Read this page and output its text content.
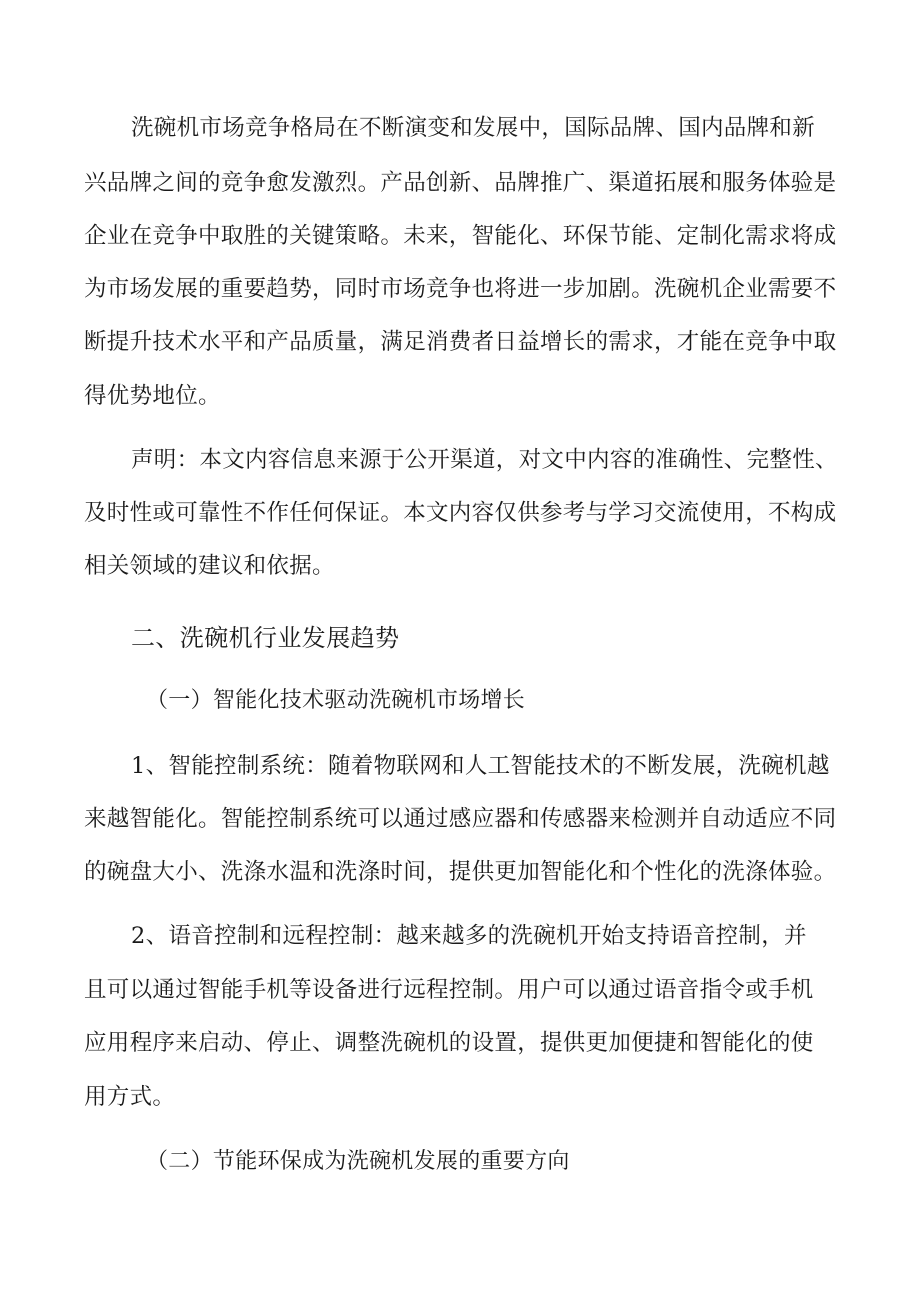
洗碗机市场竞争格局在不断演变和发展中，国际品牌、国内品牌和新
兴品牌之间的竞争愈发激烈。产品创新、品牌推广、渠道拓展和服务体验是
企业在竞争中取胜的关键策略。未来，智能化、环保节能、定制化需求将成
为市场发展的重要趋势，同时市场竞争也将进一步加剧。洗碗机企业需要不
断提升技术水平和产品质量，满足消费者日益增长的需求，才能在竞争中取
得优势地位。
声明：本文内容信息来源于公开渠道，对文中内容的准确性、完整性、
及时性或可靠性不作任何保证。本文内容仅供参考与学习交流使用，不构成
相关领域的建议和依据。
二、洗碗机行业发展趋势
（一）智能化技术驱动洗碗机市场增长
1、智能控制系统：随着物联网和人工智能技术的不断发展，洗碗机越
来越智能化。智能控制系统可以通过感应器和传感器来检测并自动适应不同
的碗盘大小、洗涤水温和洗涤时间，提供更加智能化和个性化的洗涤体验。
2、语音控制和远程控制：越来越多的洗碗机开始支持语音控制，并
且可以通过智能手机等设备进行远程控制。用户可以通过语音指令或手机
应用程序来启动、停止、调整洗碗机的设置，提供更加便捷和智能化的使
用方式。
（二）节能环保成为洗碗机发展的重要方向
